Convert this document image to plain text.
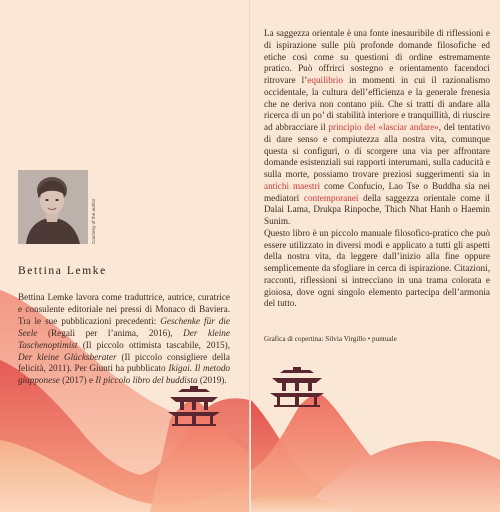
Courtesy of the author
Bettina Lemke

Bettina Lemke lavora come traduttrice, autrice, curatrice e consulente editoriale nei pressi di Monaco di Baviera. Tra le sue pubblicazioni precedenti: Geschenke für die Seele (Regali per l’anima, 2016), Der kleine Taschenoptimist (Il piccolo ottimista tascabile, 2015), Der kleine Glücksberater (Il piccolo consigliere della felicità, 2011). Per Giunti ha pubblicato Ikigai. Il metodo giapponese (2017) e Il piccolo libro del buddista (2019).

La saggezza orientale è una fonte inesauribile di riflessioni e di ispirazione sulle più profonde domande filosofiche ed etiche così come su questioni di ordine estremamente pratico. Può offrirci sostegno e orientamento facendoci ritrovare l’equilibrio in momenti in cui il razionalismo occidentale, la cultura dell’efficienza e la generale frenesia che ne deriva non contano più. Che si tratti di andare alla ricerca di un po’ di stabilità interiore e tranquillità, di riuscire ad abbracciare il principio del «lasciar andare», del tentativo di dare senso e compiutezza alla nostra vita, comunque questa si configuri, o di scorgere una via per affrontare domande esistenziali sui rapporti interumani, sulla caducità e sulla morte, possiamo trovare preziosi suggerimenti sia in antichi maestri come Confucio, Lao Tse o Buddha sia nei mediatori contemporanei della saggezza orientale come il Dalai Lama, Drukpa Rinpoche, Thich Nhat Hanh o Haemin Sunim.
Questo libro è un piccolo manuale filosofico-pratico che può essere utilizzato in diversi modi e applicato a tutti gli aspetti della nostra vita, da leggere dall’inizio alla fine oppure semplicemente da sfogliare in cerca di ispirazione. Citazioni, racconti, riflessioni si intrecciano in una trama colorata e gioiosa, dove ogni singolo elemento partecipa dell’armonia del tutto.

Grafica di copertina: Silvia Virgillo • puntuale
